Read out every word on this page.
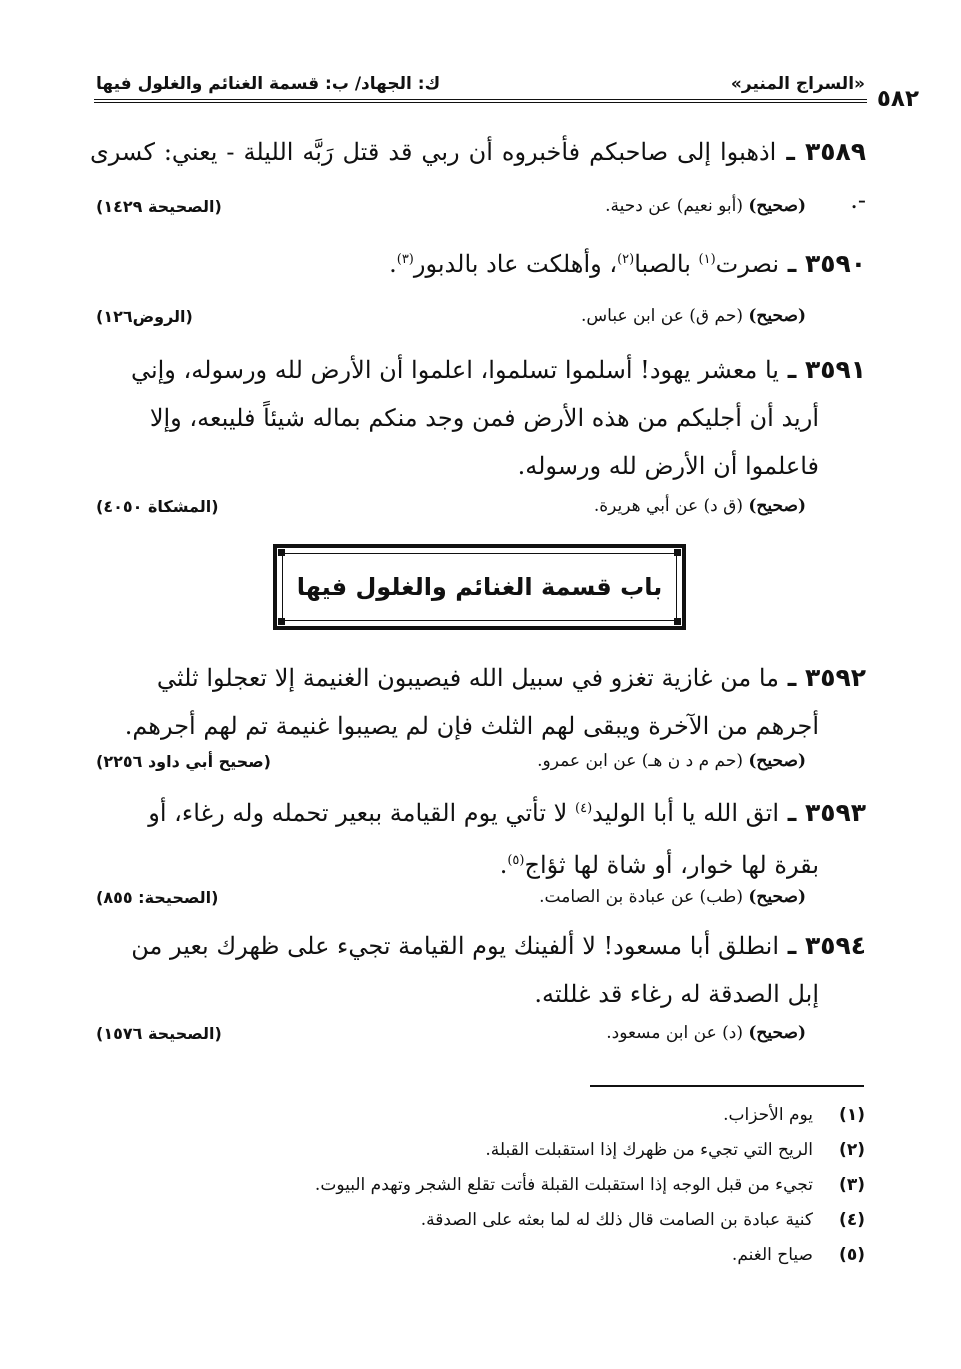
«السراج المنير»
ك: الجهاد/ ب: قسمة الغنائم والغلول فيها
٥٨٢
٣٥٨٩ ـ اذهبوا إلى صاحبكم فأخبروه أن ربي قد قتل رَبَّه الليلة - يعني: كسرى -.
(صحيح) (أبو نعيم) عن دحية.
(الصحيحة ١٤٢٩)
٣٥٩٠ ـ نصرت$^{(١)}$ بالصبا$^{(٢)}$، وأهلكت عاد بالدبور$^{(٣)}$.
(صحيح) (حم ق) عن ابن عباس.
(الروض١٢٦)
٣٥٩١ ـ يا معشر يهود! أسلموا تسلموا، اعلموا أن الأرض لله ورسوله، وإني
أريد أن أجليكم من هذه الأرض فمن وجد منكم بماله شيئاً فليبعه، وإلا
فاعلموا أن الأرض لله ورسوله.
(صحيح) (ق د) عن أبي هريرة.
(المشكاة ٤٠٥٠)
باب قسمة الغنائم والغلول فيها
٣٥٩٢ ـ ما من غازية تغزو في سبيل الله فيصيبون الغنيمة إلا تعجلوا ثلثي
أجرهم من الآخرة ويبقى لهم الثلث فإن لم يصيبوا غنيمة تم لهم أجرهم.
(صحيح) (حم م د ن هـ) عن ابن عمرو.
(صحيح أبي داود ٢٢٥٦)
٣٥٩٣ ـ اتق الله يا أبا الوليد$^{(٤)}$ لا تأتي يوم القيامة ببعير تحمله وله رغاء، أو
بقرة لها خوار، أو شاة لها ثؤاج$^{(٥)}$.
(صحيح) (طب) عن عبادة بن الصامت.
(الصحيحة: ٨٥٥)
٣٥٩٤ ـ انطلق أبا مسعود! لا ألفينك يوم القيامة تجيء على ظهرك بعير من
إبل الصدقة له رغاء قد غللته.
(صحيح) (د) عن ابن مسعود.
(الصحيحة ١٥٧٦)
(١)يوم الأحزاب.
(٢)الريح التي تجيء من ظهرك إذا استقبلت القبلة.
(٣)تجيء من قبل الوجه إذا استقبلت القبلة فأتت تقلع الشجر وتهدم البيوت.
(٤)كنية عبادة بن الصامت قال ذلك له لما بعثه على الصدقة.
(٥)صياح الغنم.
